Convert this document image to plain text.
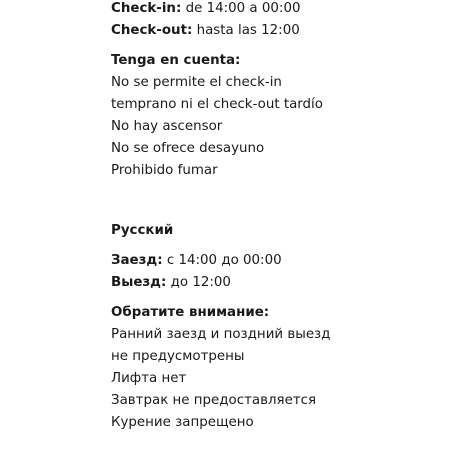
Check-in: de 14:00 a 00:00
Check-out: hasta las 12:00
Tenga en cuenta:
No se permite el check-in
temprano ni el check-out tardío
No hay ascensor
No se ofrece desayuno
Prohibido fumar
Русский
Заезд: с 14:00 до 00:00
Выезд: до 12:00
Обратите внимание:
Ранний заезд и поздний выезд
не предусмотрены
Лифта нет
Завтрак не предоставляется
Курение запрещено
